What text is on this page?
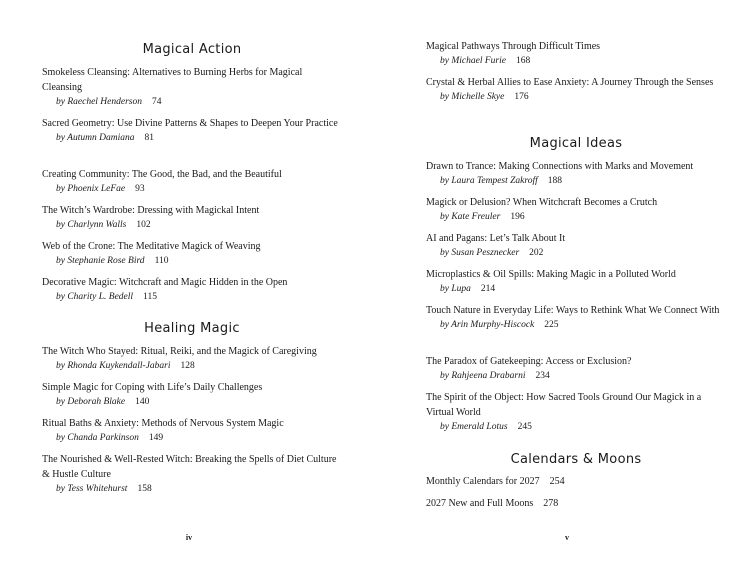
Magical Action
Smokeless Cleansing: Alternatives to Burning Herbs for Magical Cleansing
by Raechel Henderson 74
Sacred Geometry: Use Divine Patterns & Shapes to Deepen Your Practice
by Autumn Damiana 81
Creating Community: The Good, the Bad, and the Beautiful
by Phoenix LeFae 93
The Witch’s Wardrobe: Dressing with Magickal Intent
by Charlynn Walls 102
Web of the Crone: The Meditative Magick of Weaving
by Stephanie Rose Bird 110
Decorative Magic: Witchcraft and Magic Hidden in the Open
by Charity L. Bedell 115
Healing Magic
The Witch Who Stayed: Ritual, Reiki, and the Magick of Caregiving
by Rhonda Kuykendall-Jabari 128
Simple Magic for Coping with Life’s Daily Challenges
by Deborah Blake 140
Ritual Baths & Anxiety: Methods of Nervous System Magic
by Chanda Parkinson 149
The Nourished & Well-Rested Witch: Breaking the Spells of Diet Culture & Hustle Culture
by Tess Whitehurst 158
iv
Magical Pathways Through Difficult Times
by Michael Furie 168
Crystal & Herbal Allies to Ease Anxiety: A Journey Through the Senses
by Michelle Skye 176
Magical Ideas
Drawn to Trance: Making Connections with Marks and Movement
by Laura Tempest Zakroff 188
Magick or Delusion? When Witchcraft Becomes a Crutch
by Kate Freuler 196
AI and Pagans: Let’s Talk About It
by Susan Pesznecker 202
Microplastics & Oil Spills: Making Magic in a Polluted World
by Lupa 214
Touch Nature in Everyday Life: Ways to Rethink What We Connect With
by Arin Murphy-Hiscock 225
The Paradox of Gatekeeping: Access or Exclusion?
by Rahjeena Drabarni 234
The Spirit of the Object: How Sacred Tools Ground Our Magick in a Virtual World
by Emerald Lotus 245
Calendars & Moons
Monthly Calendars for 2027 254
2027 New and Full Moons 278
v
